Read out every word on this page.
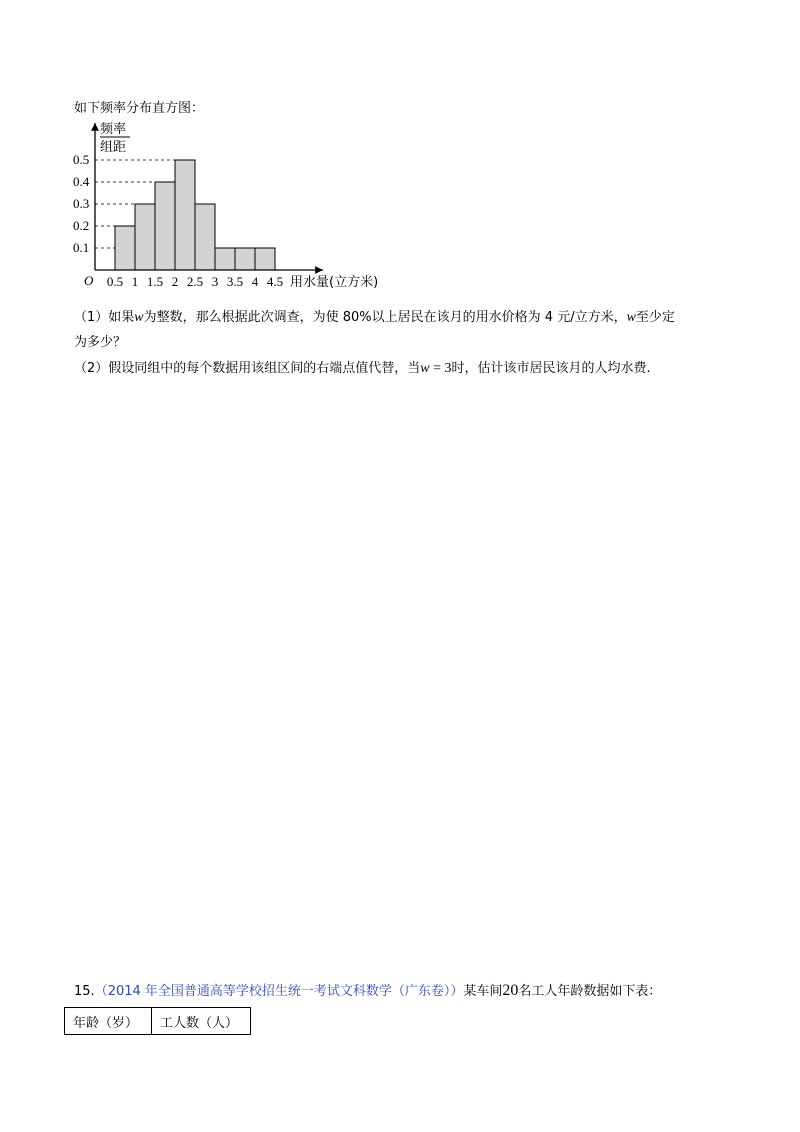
如下频率分布直方图：
0.1
0.2
0.3
0.4
0.5
0.5 1 1.5 2 2.5 3 3.5 4 4.5
O
频率
组距
用水量(立方米)
（1）如果w为整数，那么根据此次调查，为使 80%以上居民在该月的用水价格为 4 元/立方米，w至少定
为多少？
（2）假设同组中的每个数据用该组区间的右端点值代替，当w = 3时，估计该市居民该月的人均水费.
15.（2014 年全国普通高等学校招生统一考试文科数学（广东卷））某车间20名工人年龄数据如下表：
年龄（岁）	工人数（人）
